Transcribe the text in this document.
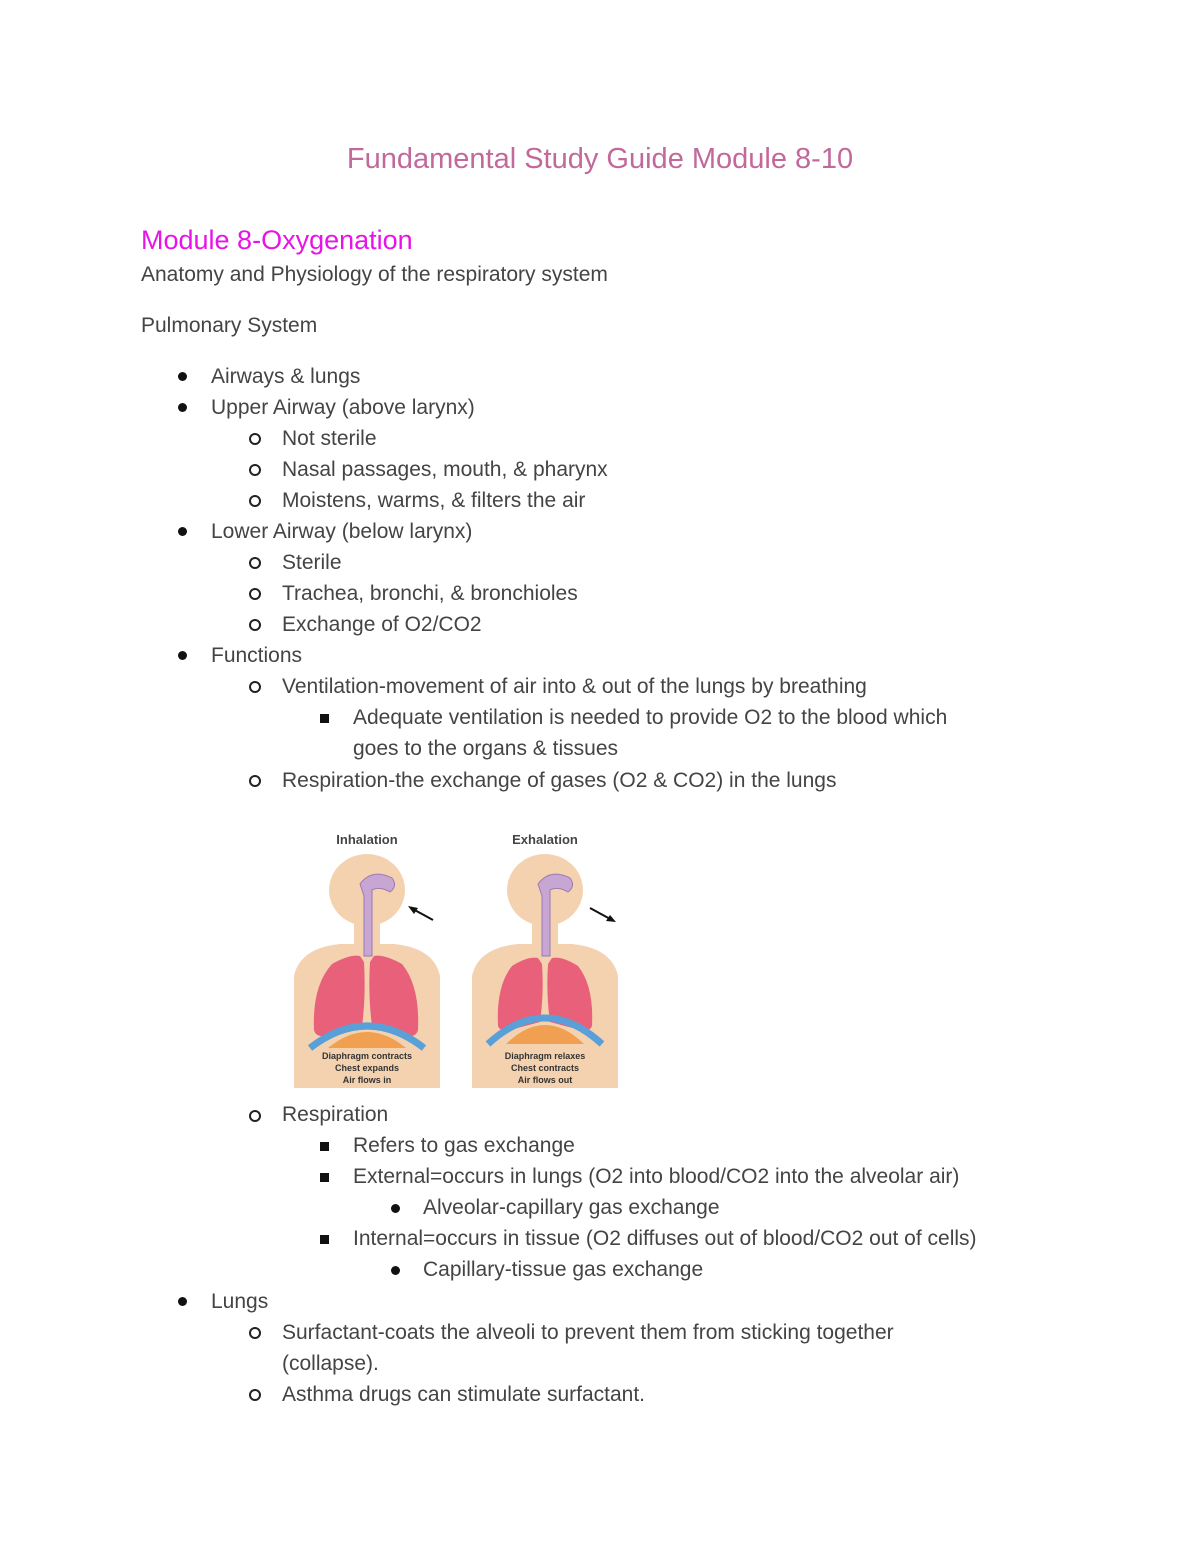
Fundamental Study Guide Module 8-10
Module 8-Oxygenation
Anatomy and Physiology of the respiratory system
Pulmonary System
Airways & lungs
Upper Airway (above larynx)
Not sterile
Nasal passages, mouth, & pharynx
Moistens, warms, & filters the air
Lower Airway (below larynx)
Sterile
Trachea, bronchi, & bronchioles
Exchange of O2/CO2
Functions
Ventilation-movement of air into & out of the lungs by breathing
Adequate ventilation is needed to provide O2 to the blood which
goes to the organs & tissues
Respiration-the exchange of gases (O2 & CO2) in the lungs
Inhalation
Diaphragm contracts
Chest expands
Air flows in
Exhalation
Diaphragm relaxes
Chest contracts
Air flows out
Respiration
Refers to gas exchange
External=occurs in lungs (O2 into blood/CO2 into the alveolar air)
Alveolar-capillary gas exchange
Internal=occurs in tissue (O2 diffuses out of blood/CO2 out of cells)
Capillary-tissue gas exchange
Lungs
Surfactant-coats the alveoli to prevent them from sticking together
(collapse).
Asthma drugs can stimulate surfactant.
